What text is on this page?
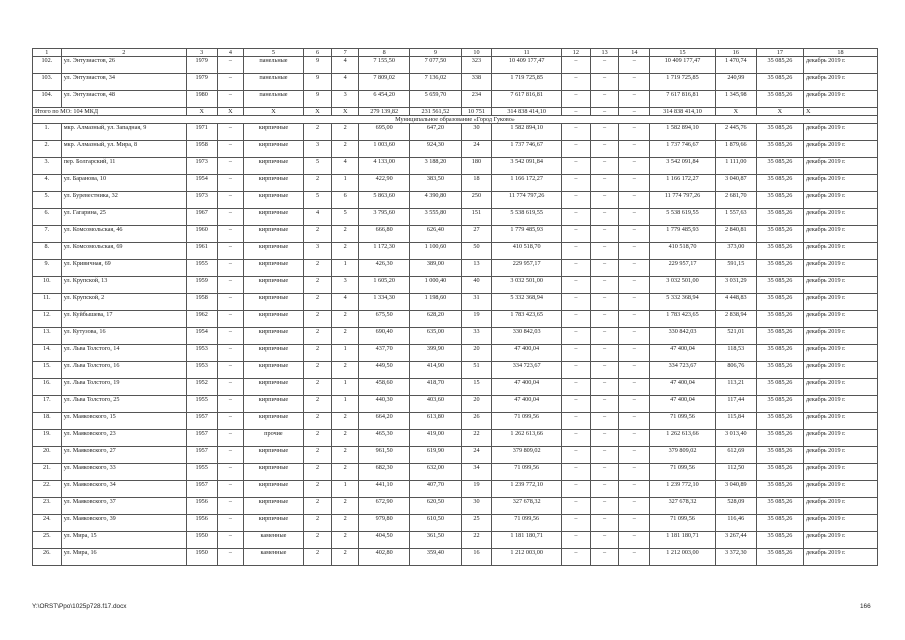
1	2	3	4	5	6	7	8	9	10	11	12	13	14	15	16	17	18
102.	ул. Энтузиастов, 26	1979	–	панельные	9	4	7 155,50	7 077,50	323	10 409 177,47	–	–	–	10 409 177,47	1 470,74	35 085,26	декабрь 2019 г.
103.	ул. Энтузиастов, 34	1979	–	панельные	9	4	7 809,02	7 136,02	338	1 719 725,85	–	–	–	1 719 725,85	240,99	35 085,26	декабрь 2019 г.
104.	ул. Энтузиастов, 48	1980	–	панельные	9	3	6 454,20	5 659,70	234	7 617 816,81	–	–	–	7 617 816,81	1 345,98	35 085,26	декабрь 2019 г.
Итого по МО: 104 МКД		X	X	X	X	X	279 139,82	231 561,52	10 751	314 838 414,10	–	–	–	314 838 414,10	X	X	X
Муниципальное образование «Город Гуково»																	
1.	мкр. Алмазный, ул. Западная, 9	1971	–	кирпичные	2	2	695,00	647,20	30	1 582 894,10	–	–	–	1 582 894,10	2 445,76	35 085,26	декабрь 2019 г.
2.	мкр. Алмазный, ул. Мира, 8	1958	–	кирпичные	3	2	1 003,60	924,30	24	1 737 746,67	–	–	–	1 737 746,67	1 879,66	35 085,26	декабрь 2019 г.
3.	пер. Болгарский, 11	1973	–	кирпичные	5	4	4 133,00	3 188,20	180	3 542 091,84	–	–	–	3 542 091,84	1 111,00	35 085,26	декабрь 2019 г.
4.	ул. Баранова, 10	1954	–	кирпичные	2	1	422,90	383,50	18	1 166 172,27	–	–	–	1 166 172,27	3 040,87	35 085,26	декабрь 2019 г.
5.	ул. Буревестника, 32	1973	–	кирпичные	5	6	5 863,60	4 390,80	250	11 774 797,26	–	–	–	11 774 797,26	2 681,70	35 085,26	декабрь 2019 г.
6.	ул. Гагарина, 25	1967	–	кирпичные	4	5	3 795,60	3 555,80	151	5 538 619,55	–	–	–	5 538 619,55	1 557,63	35 085,26	декабрь 2019 г.
7.	ул. Комсомольская, 46	1960	–	кирпичные	2	2	666,80	626,40	27	1 779 485,93	–	–	–	1 779 485,93	2 840,81	35 085,26	декабрь 2019 г.
8.	ул. Комсомольская, 69	1961	–	кирпичные	3	2	1 172,30	1 100,60	50	410 518,70	–	–	–	410 518,70	373,00	35 085,26	декабрь 2019 г.
9.	ул. Кривичная, 69	1955	–	кирпичные	2	1	426,30	389,00	13	229 957,17	–	–	–	229 957,17	591,15	35 085,26	декабрь 2019 г.
10.	ул. Крупской, 13	1959	–	кирпичные	2	3	1 605,20	1 000,40	40	3 032 501,00	–	–	–	3 032 501,00	3 031,29	35 085,26	декабрь 2019 г.
11.	ул. Крупской, 2	1958	–	кирпичные	2	4	1 334,30	1 198,60	31	5 332 368,94	–	–	–	5 332 368,94	4 448,83	35 085,26	декабрь 2019 г.
12.	ул. Куйбышева, 17	1962	–	кирпичные	2	2	675,50	628,20	19	1 783 423,65	–	–	–	1 783 423,65	2 838,94	35 085,26	декабрь 2019 г.
13.	ул. Кутузова, 16	1954	–	кирпичные	2	2	690,40	635,00	33	330 842,03	–	–	–	330 842,03	521,01	35 085,26	декабрь 2019 г.
14.	ул. Льва Толстого, 14	1953	–	кирпичные	2	1	437,70	399,90	20	47 400,04	–	–	–	47 400,04	118,53	35 085,26	декабрь 2019 г.
15.	ул. Льва Толстого, 16	1953	–	кирпичные	2	2	449,50	414,90	51	334 723,67	–	–	–	334 723,67	806,76	35 085,26	декабрь 2019 г.
16.	ул. Льва Толстого, 19	1952	–	кирпичные	2	1	458,60	418,70	15	47 400,04	–	–	–	47 400,04	113,21	35 085,26	декабрь 2019 г.
17.	ул. Льва Толстого, 25	1955	–	кирпичные	2	1	440,30	403,60	20	47 400,04	–	–	–	47 400,04	117,44	35 085,26	декабрь 2019 г.
18.	ул. Маяковского, 15	1957	–	кирпичные	2	2	664,20	613,80	26	71 099,56	–	–	–	71 099,56	115,84	35 085,26	декабрь 2019 г.
19.	ул. Маяковского, 23	1957	–	прочие	2	2	465,30	419,00	22	1 262 613,66	–	–	–	1 262 613,66	3 013,40	35 085,26	декабрь 2019 г.
20.	ул. Маяковского, 27	1957	–	кирпичные	2	2	961,50	619,90	24	379 809,02	–	–	–	379 809,02	612,69	35 085,26	декабрь 2019 г.
21.	ул. Маяковского, 33	1955	–	кирпичные	2	2	682,30	632,00	34	71 099,56	–	–	–	71 099,56	112,50	35 085,26	декабрь 2019 г.
22.	ул. Маяковского, 34	1957	–	кирпичные	2	1	441,10	407,70	19	1 239 772,10	–	–	–	1 239 772,10	3 040,89	35 085,26	декабрь 2019 г.
23.	ул. Маяковского, 37	1956	–	кирпичные	2	2	672,90	620,50	30	327 678,32	–	–	–	327 678,32	528,09	35 085,26	декабрь 2019 г.
24.	ул. Маяковского, 39	1956	–	кирпичные	2	2	979,80	610,50	25	71 099,56	–	–	–	71 099,56	116,46	35 085,26	декабрь 2019 г.
25.	ул. Мира, 15	1950	–	каменные	2	2	404,50	361,50	22	1 181 180,71	–	–	–	1 181 180,71	3 267,44	35 085,26	декабрь 2019 г.
26.	ул. Мира, 16	1950	–	каменные	2	2	402,80	359,40	16	1 212 003,00	–	–	–	1 212 003,00	3 372,30	35 085,26	декабрь 2019 г.
Y:\ORST\Ppo\1025p728.f17.docx	166
